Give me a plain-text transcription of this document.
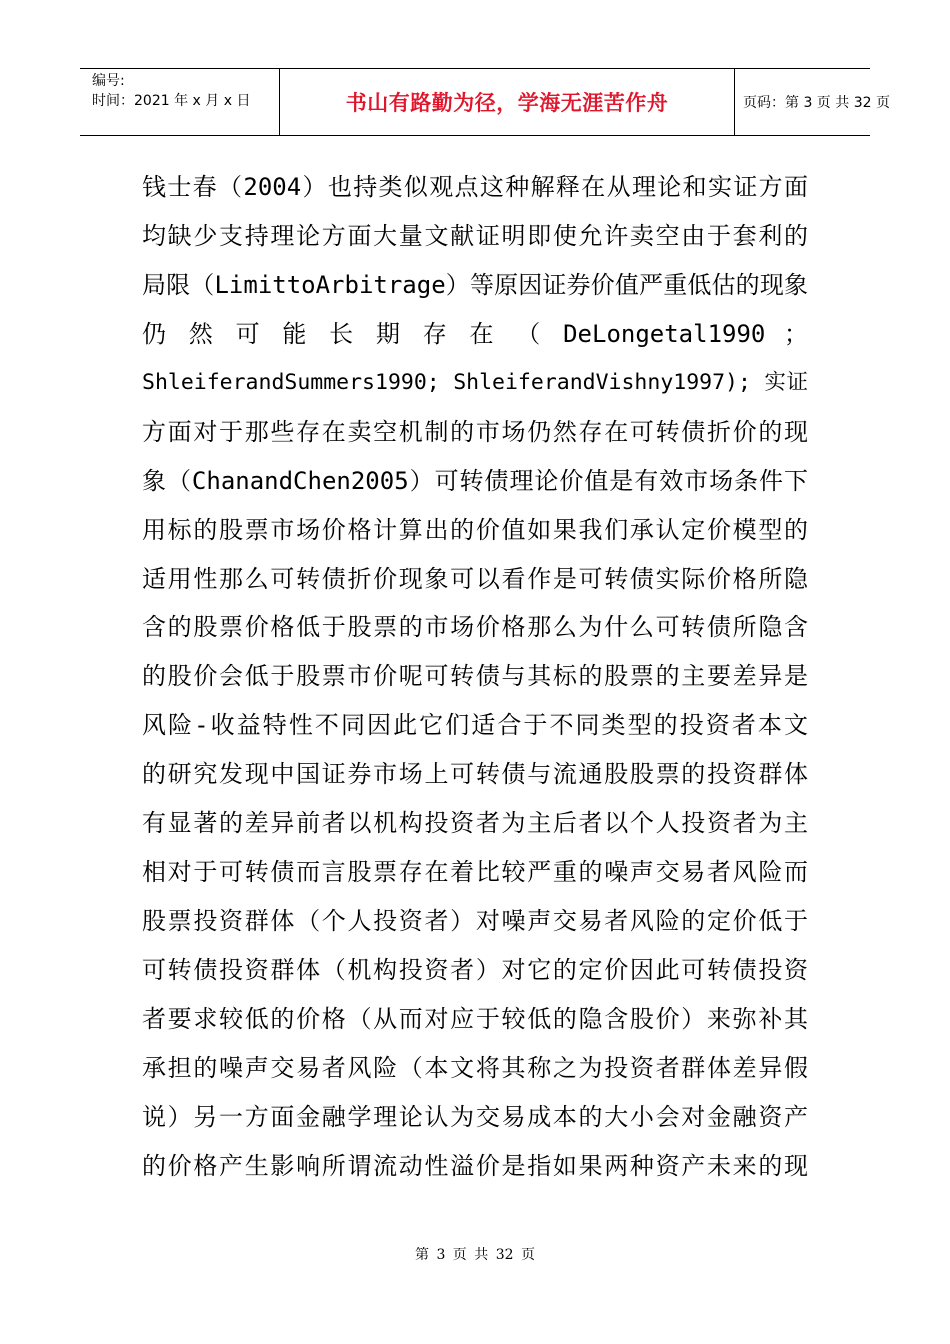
编号:
时间：2021 年 x 月 x 日	书山有路勤为径，学海无涯苦作舟	页码：第 3 页 共 32 页
钱士春（2004）也持类似观点这种解释在从理论和实证方面
均缺少支持理论方面大量文献证明即使允许卖空由于套利的
局限（LimittoArbitrage）等原因证券价值严重低估的现象
仍 然 可 能 长 期 存 在 （ DeLongetal1990 ；
ShleiferandSummers1990; ShleiferandVishny1997); 实证
方面对于那些存在卖空机制的市场仍然存在可转债折价的现
象（ChanandChen2005）可转债理论价值是有效市场条件下
用标的股票市场价格计算出的价值如果我们承认定价模型的
适用性那么可转债折价现象可以看作是可转债实际价格所隐
含的股票价格低于股票的市场价格那么为什么可转债所隐含
的股价会低于股票市价呢可转债与其标的股票的主要差异是
风险-收益特性不同因此它们适合于不同类型的投资者本文
的研究发现中国证券市场上可转债与流通股股票的投资群体
有显著的差异前者以机构投资者为主后者以个人投资者为主
相对于可转债而言股票存在着比较严重的噪声交易者风险而
股票投资群体（个人投资者）对噪声交易者风险的定价低于
可转债投资群体（机构投资者）对它的定价因此可转债投资
者要求较低的价格（从而对应于较低的隐含股价）来弥补其
承担的噪声交易者风险（本文将其称之为投资者群体差异假
说）另一方面金融学理论认为交易成本的大小会对金融资产
的价格产生影响所谓流动性溢价是指如果两种资产未来的现
第 3 页 共 32 页
